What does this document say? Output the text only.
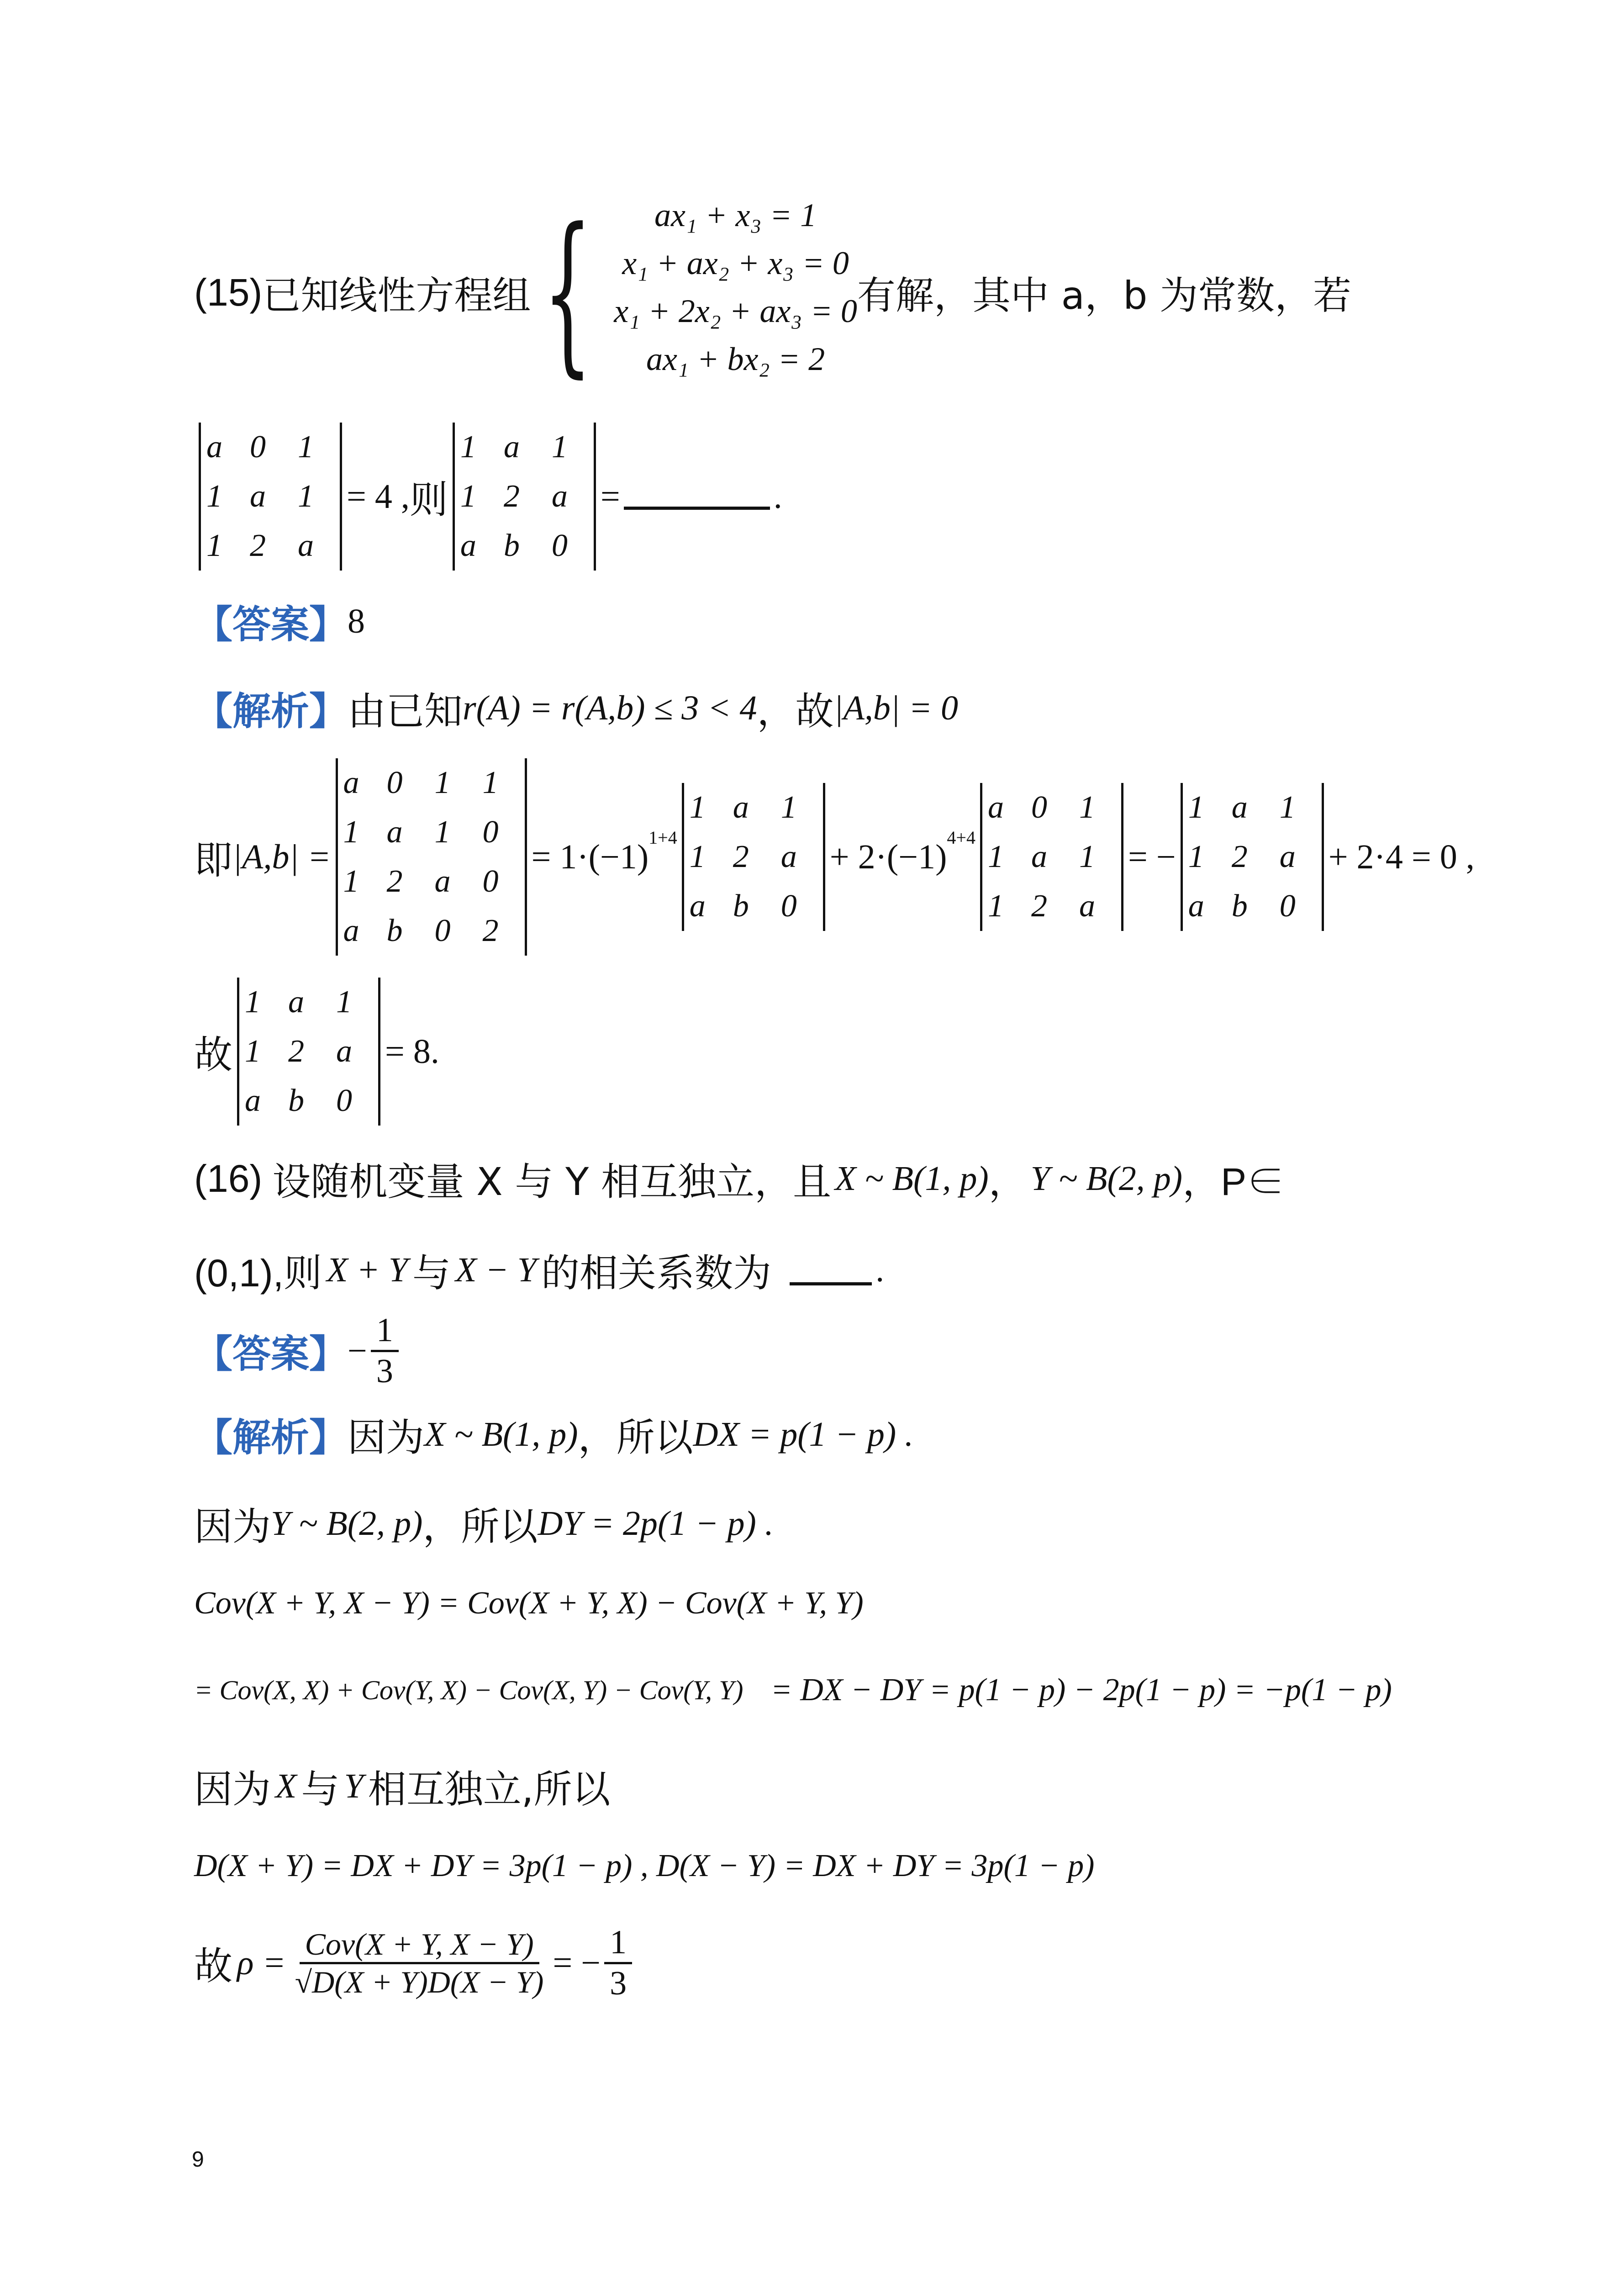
(15) 已知线性方程组 {	ax₁ + x₃ = 1
x₁ + ax₂ + x₃ = 0
x₁ + 2x₂ + ax₃ = 0
ax₁ + bx₂ = 2
有解，其中 a，b 为常数，若
a 0	1
1 a	1
1 2	a
= 4 , 则
1 a	1
1 2	a
a b	0
=	.
【答案】 8
【解析】 由已知 r(A) = r(A,b) ≤ 3 < 4 ，故 |A,b| = 0
即 |A,b| =
a 0	1	1
1 a	1	0
1 2	a	0
a b	0	2
= 1·(−1) 1+4
1 a	1
1 2	a
a b	0
+ 2·(−1) 4+4
a 0	1
1 a	1
1 2	a
= −
1 a	1
1 2	a
a b	0
+ 2·4 = 0 ,
故
1 a	1
1 2	a
a b	0
= 8.
(16) 设随机变量 X 与 Y 相互独立，且 X ~ B(1, p) ， Y ~ B(2, p) ，P∈
(0,1),则 X + Y 与 X − Y 的相关系数为	.
【答案】 − $\frac{1}{3}$
【解析】 因为 X ~ B(1, p) ，所以 DX = p(1 − p) .
因为 Y ~ B(2, p) ，所以 DY = 2p(1 − p) .
Cov(X + Y, X − Y) = Cov(X + Y, X) − Cov(X + Y, Y)
= Cov(X, X) + Cov(Y, X) − Cov(X, Y) − Cov(Y, Y) = DX − DY = p(1 − p) − 2p(1 − p) = −p(1 − p)
因为 X 与 Y 相互独立,所以
D(X + Y) = DX + DY = 3p(1 − p) , D(X − Y) = DX + DY = 3p(1 − p)
故 $\rho = \frac{\text{Cov(X + Y, X − Y)}}{√D(X + Y)D(X - Y)}$ = − $\frac{1}{3}$
9
